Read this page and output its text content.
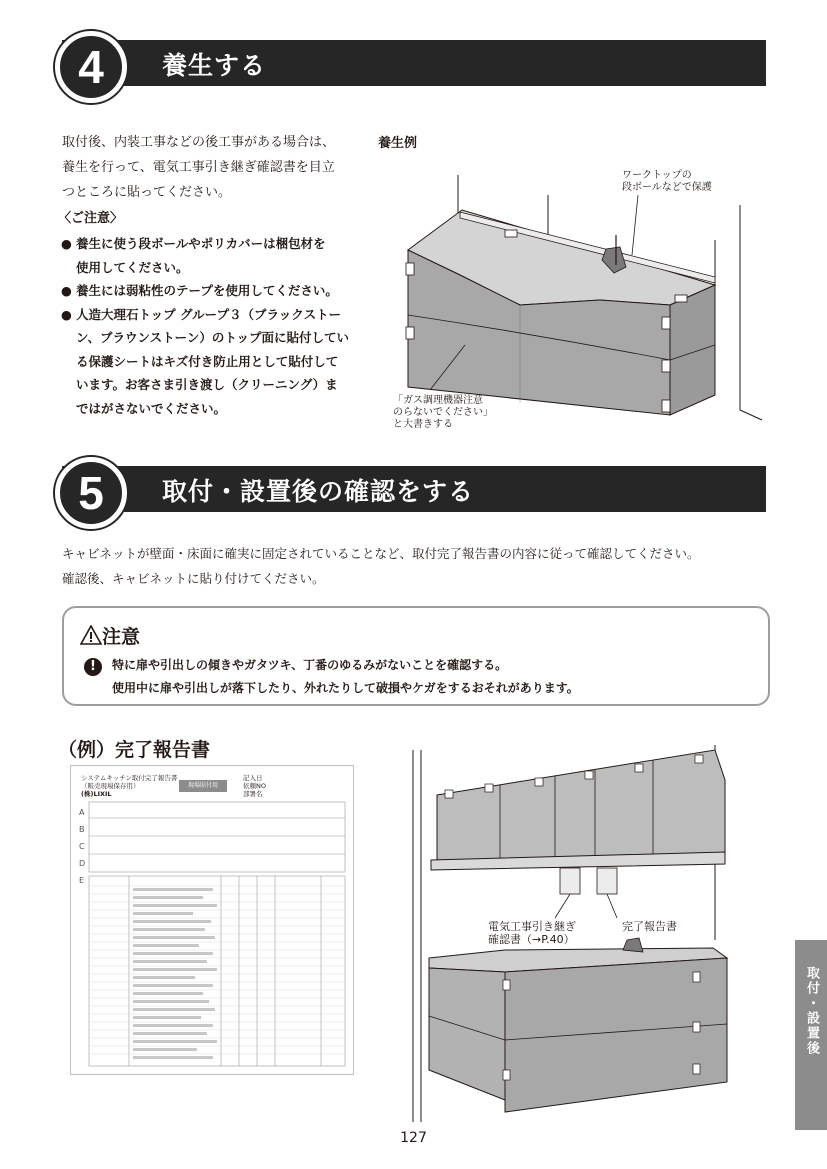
養生する
4
取付後、内装工事などの後工事がある場合は、
養生を行って、電気工事引き継ぎ確認書を目立
つところに貼ってください。
〈ご注意〉
● 養生に使う段ボールやポリカバーは梱包材を
使用してください。
● 養生には弱粘性のテープを使用してください。
● 人造大理石トップ グループ３（ブラックストー
ン、ブラウンストーン）のトップ面に貼付してい
る保護シートはキズ付き防止用として貼付して
います。お客さま引き渡し（クリーニング）ま
ではがさないでください。
養生例
ワークトップの
段ボールなどで保護
「ガス調理機器注意
のらないでください」
と大書きする
取付・設置後の確認をする
5
キャビネットが壁面・床面に確実に固定されていることなど、取付完了報告書の内容に従って確認してください。
確認後、キャビネットに貼り付けてください。
注意
!	特に扉や引出しの傾きやガタツキ、丁番のゆるみがないことを確認する。
使用中に扉や引出しが落下したり、外れたりして破損やケガをするおそれがあります。
（例）完了報告書
システムキッチン取付完了報告書
（販売現場保存用）
(株)LIXIL
現場貼付用
記入日
依頼NO
部署名
A
B
C
D
E
電気工事引き継ぎ
確認書（→P.40）
完了報告書
取付・設置後
127
